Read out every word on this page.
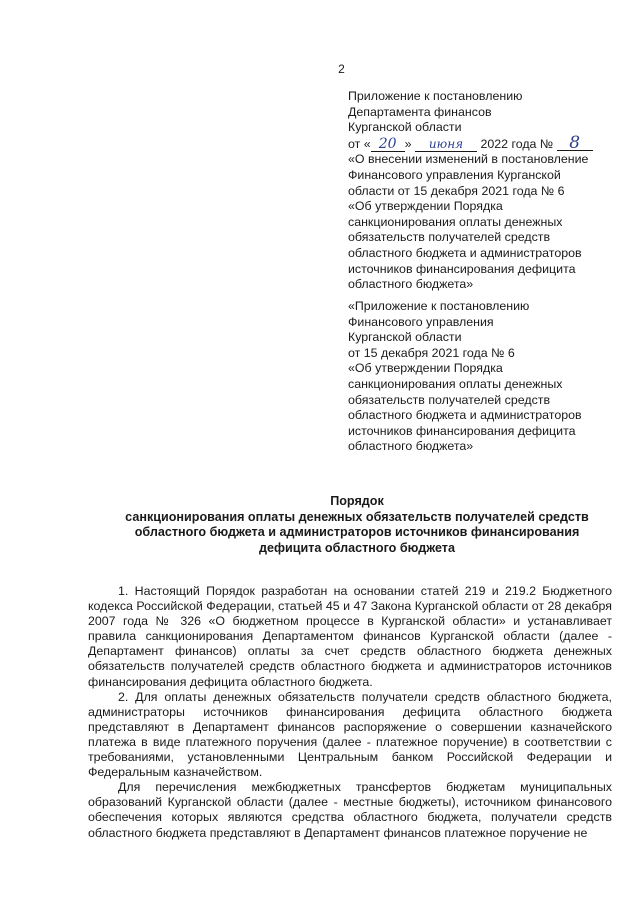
2
Приложение к постановлению
Департамента финансов
Курганской области
от « 20 » июня 2022 года № 8
«О внесении изменений в постановление
Финансового управления Курганской
области от 15 декабря 2021 года № 6
«Об утверждении Порядка
санкционирования оплаты денежных
обязательств получателей средств
областного бюджета и администраторов
источников финансирования дефицита
областного бюджета»
«Приложение к постановлению
Финансового управления
Курганской области
от 15 декабря 2021 года № 6
«Об утверждении Порядка
санкционирования оплаты денежных
обязательств получателей средств
областного бюджета и администраторов
источников финансирования дефицита
областного бюджета»
Порядок
санкционирования оплаты денежных обязательств получателей средств
областного бюджета и администраторов источников финансирования
дефицита областного бюджета

1. Настоящий Порядок разработан на основании статей 219 и 219.2 Бюджетного кодекса Российской Федерации, статьей 45 и 47 Закона Курганской области от 28 декабря 2007 года № 326 «О бюджетном процессе в Курганской области» и устанавливает правила санкционирования Департаментом финансов Курганской области (далее - Департамент финансов) оплаты за счет средств областного бюджета денежных обязательств получателей средств областного бюджета и администраторов источников финансирования дефицита областного бюджета.

2. Для оплаты денежных обязательств получатели средств областного бюджета, администраторы источников финансирования дефицита областного бюджета представляют в Департамент финансов распоряжение о совершении казначейского платежа в виде платежного поручения (далее - платежное поручение) в соответствии с требованиями, установленными Центральным банком Российской Федерации и Федеральным казначейством.

Для перечисления межбюджетных трансфертов бюджетам муниципальных образований Курганской области (далее - местные бюджеты), источником финансового обеспечения которых являются средства областного бюджета, получатели средств областного бюджета представляют в Департамент финансов платежное поручение не
